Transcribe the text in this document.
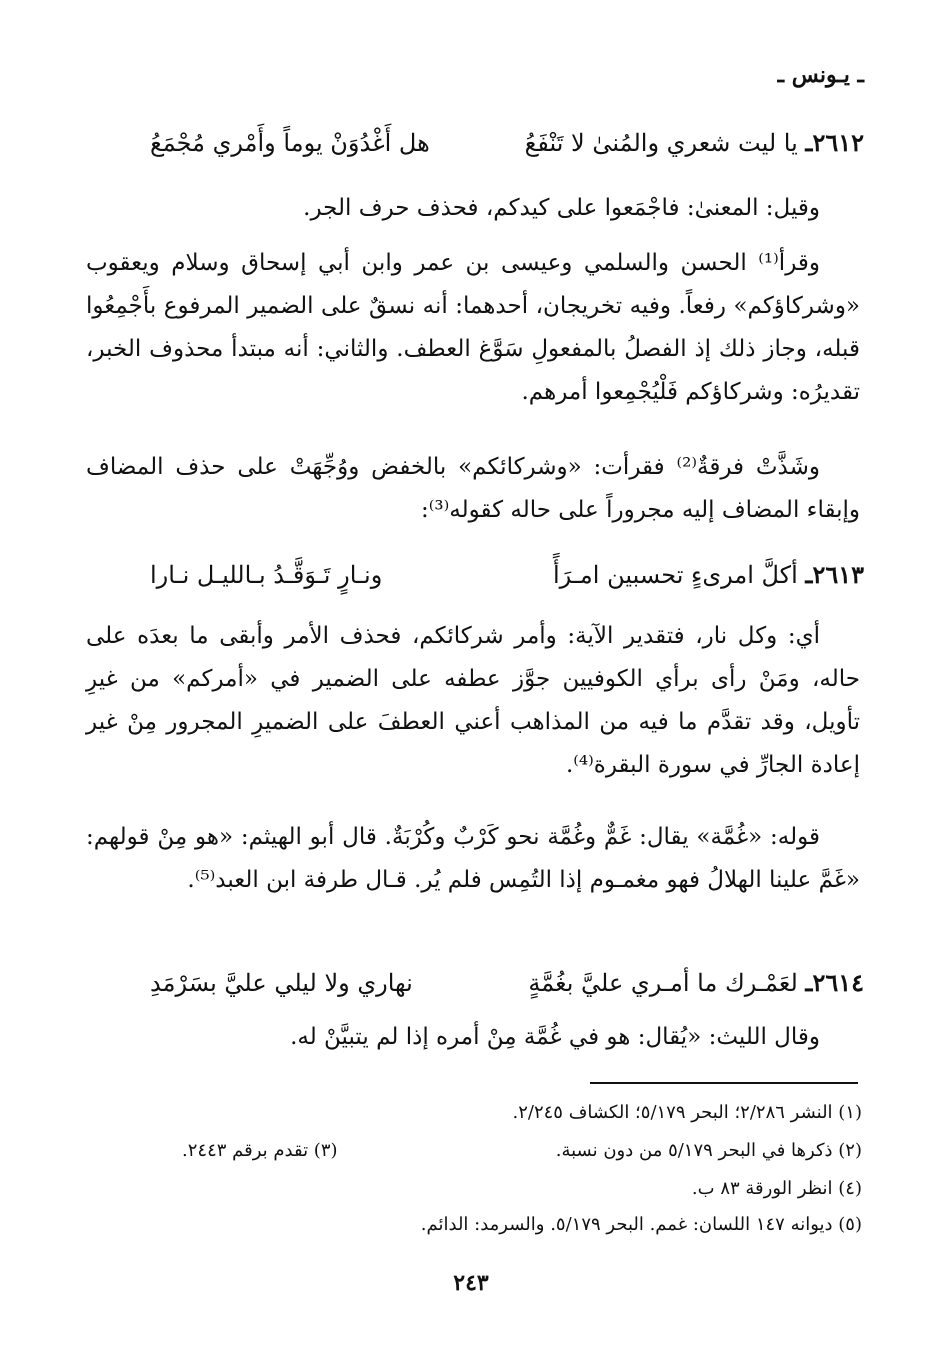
ـ يـونس ـ
٢٦١٢ـ يا ليت شعري والمُنىٰ لا تَنْفَعُ
هل أَغْدُوَنْ يوماً وأَمْري مُجْمَعُ
وقيل: المعنىٰ: فاجْمَعوا على كيدكم، فحذف حرف الجر.
وقرأ⁽¹⁾ الحسن والسلمي وعيسى بن عمر وابن أبي إسحاق وسلام ويعقوب «وشركاؤكم» رفعاً. وفيه تخريجان، أحدهما: أنه نسقٌ على الضمير المرفوع بأَجْمِعُوا قبله، وجاز ذلك إذ الفصلُ بالمفعولِ سَوَّغ العطف. والثاني: أنه مبتدأ محذوف الخبر، تقديرُه: وشركاؤكم فَلْيُجْمِعوا أمرهم.
وشَذَّتْ فرقةٌ⁽²⁾ فقرأت: «وشركائكم» بالخفض ووُجِّهَتْ على حذف المضاف وإبقاء المضاف إليه مجروراً على حاله كقوله⁽³⁾:
٢٦١٣ـ أكلَّ امرىءٍ تحسبين امـرَأً
ونـارٍ تَـوَقَّـدُ بـالليـل نـارا
أي: وكل نار، فتقدير الآية: وأمر شركائكم، فحذف الأمر وأبقى ما بعدَه على حاله، ومَنْ رأى برأي الكوفيين جوَّز عطفه على الضمير في «أمركم» من غيرِ تأويل، وقد تقدَّم ما فيه من المذاهب أعني العطفَ على الضميرِ المجرور مِنْ غير إعادة الجارِّ في سورة البقرة⁽⁴⁾.
قوله: «غُمَّة» يقال: غَمٌّ وغُمَّة نحو كَرْبٌ وكُرْبَةٌ. قال أبو الهيثم: «هو مِنْ قولهم: «غَمَّ علينا الهلالُ فهو مغمـوم إذا التُمِس فلم يُر. قـال طرفة ابن العبد⁽⁵⁾.
٢٦١٤ـ لعَمْـرك ما أمـري عليَّ بغُمَّةٍ
نهاري ولا ليلي عليَّ بسَرْمَدِ
وقال الليث: «يُقال: هو في غُمَّة مِنْ أمره إذا لم يتبيَّنْ له.
(١) النشر ٢/٢٨٦؛ البحر ٥/١٧٩؛ الكشاف ٢/٢٤٥.
(٢) ذكرها في البحر ٥/١٧٩ من دون نسبة.
(٣) تقدم برقم ٢٤٤٣.
(٤) انظر الورقة ٨٣ ب.
(٥) ديوانه ١٤٧ اللسان: غمم. البحر ٥/١٧٩. والسرمد: الدائم.
٢٤٣
